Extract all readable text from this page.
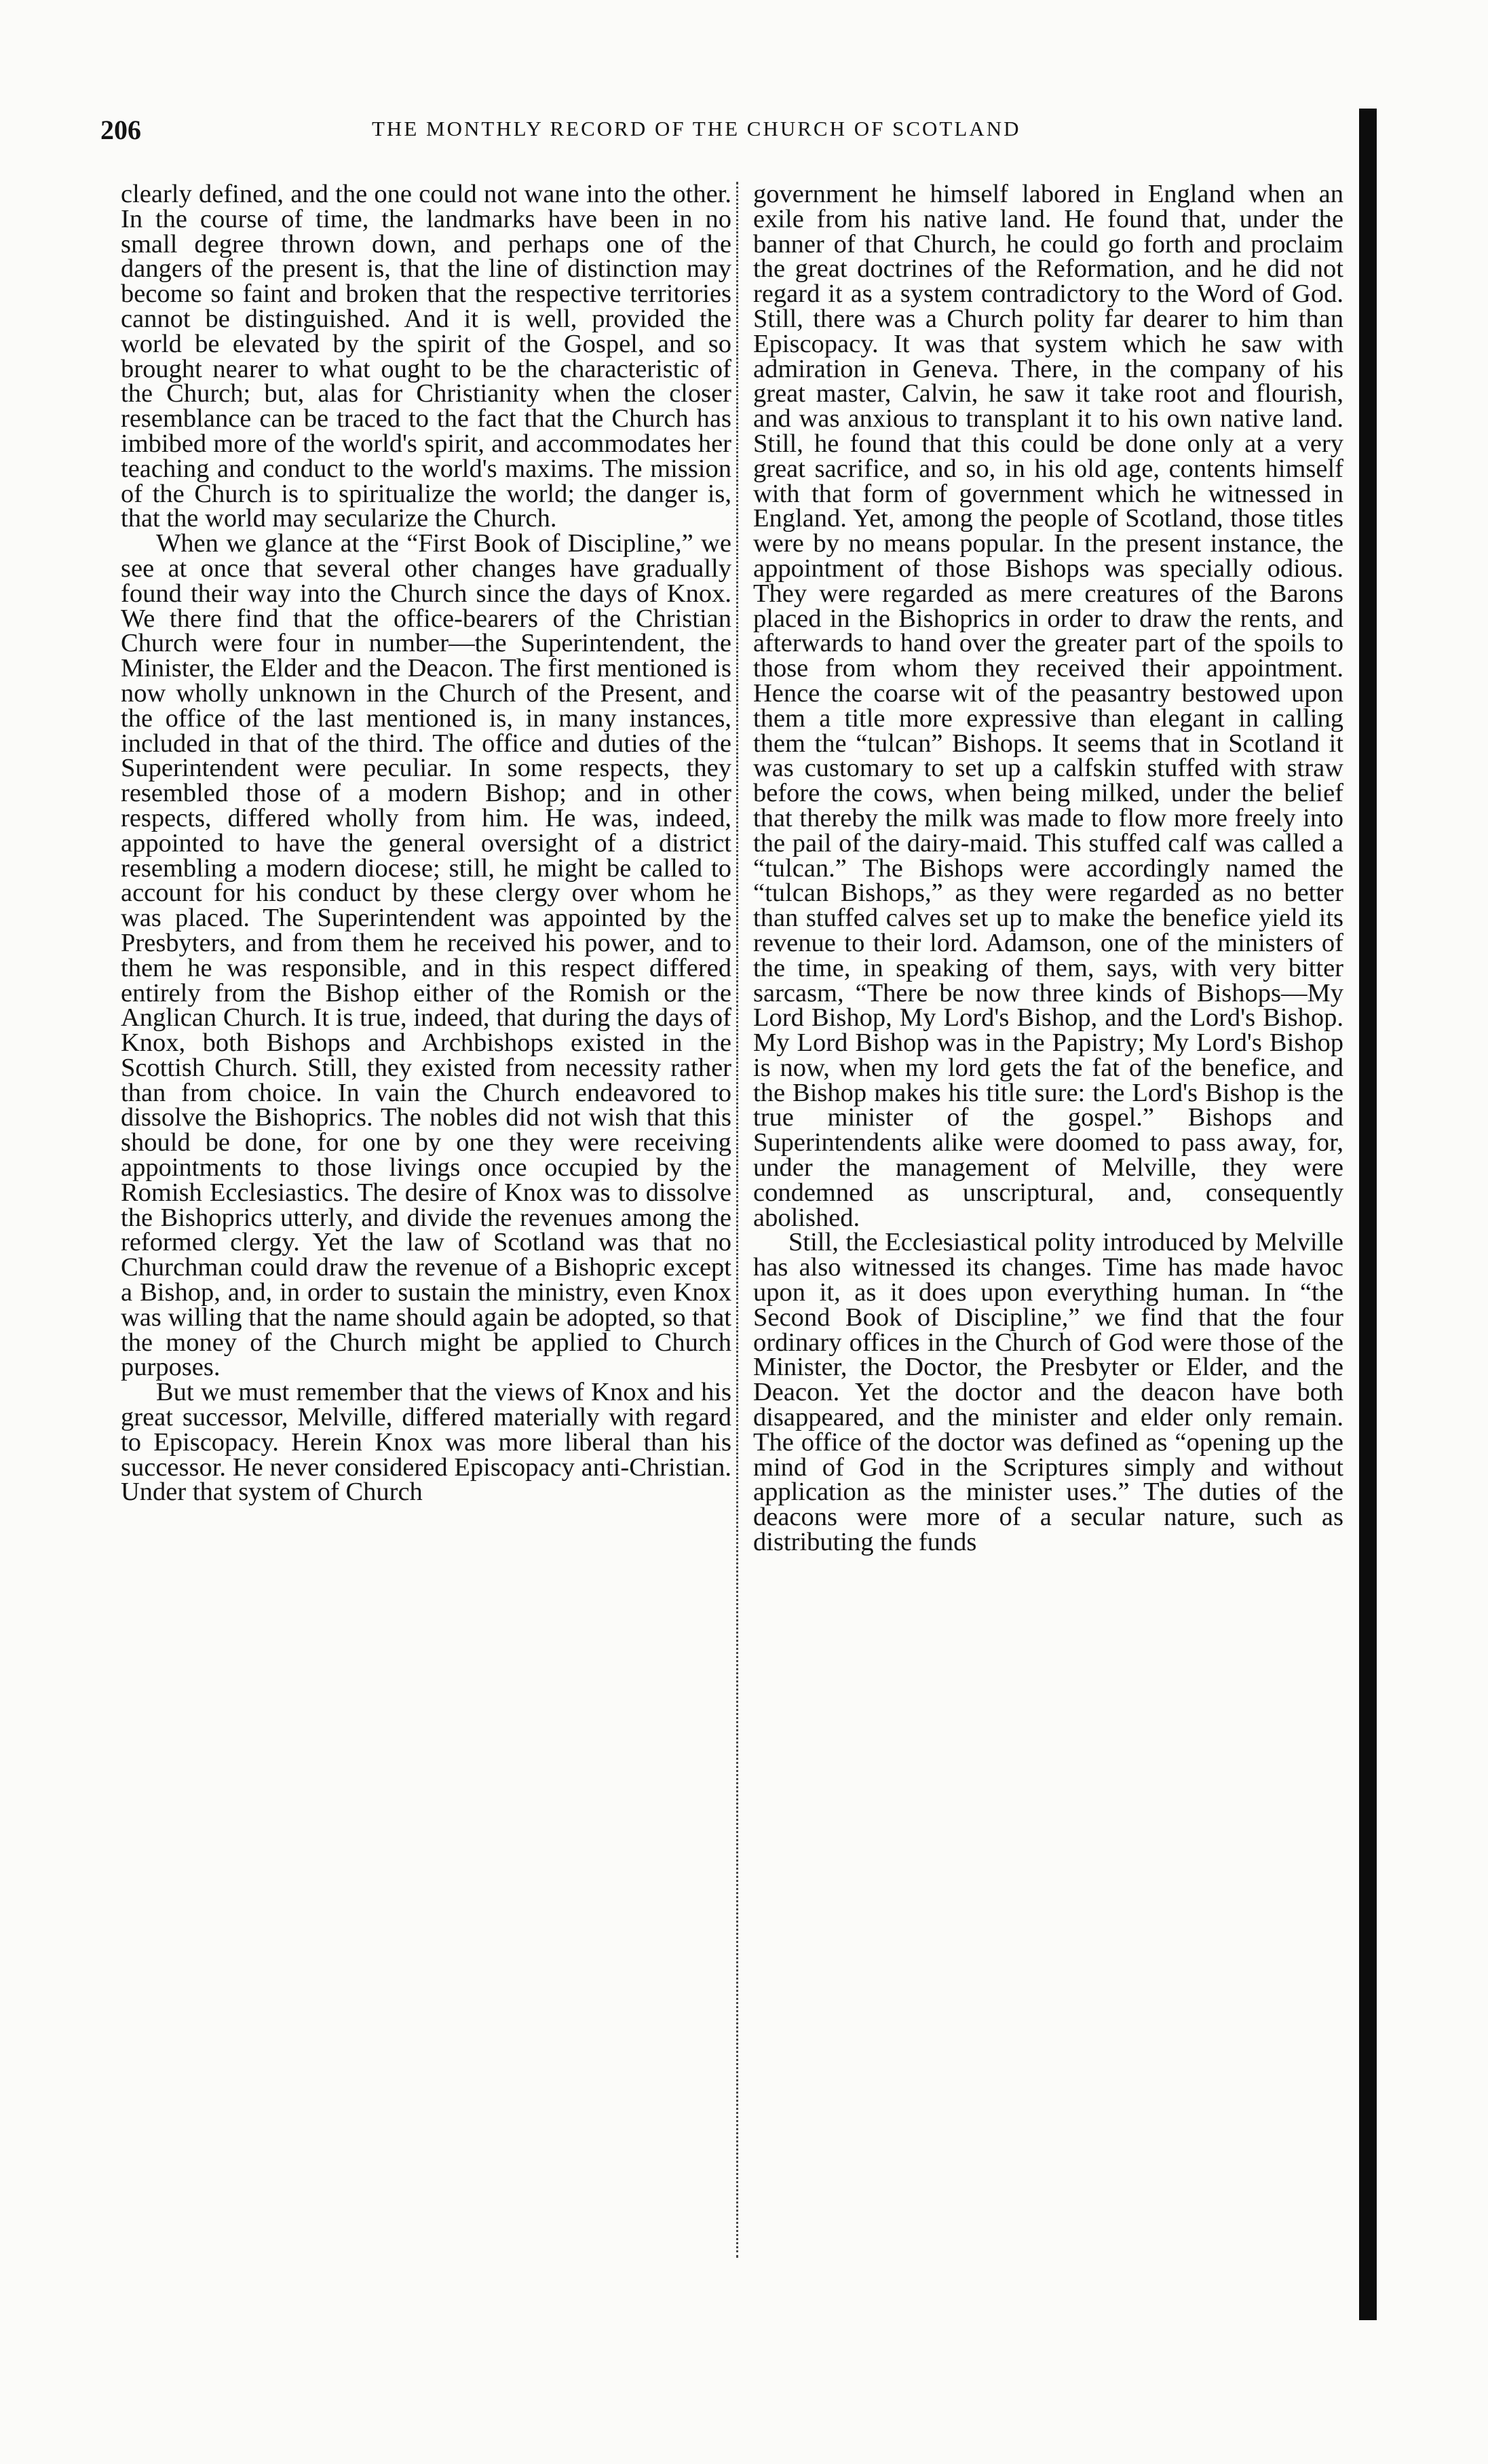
206	THE MONTHLY RECORD OF THE CHURCH OF SCOTLAND

clearly defined, and the one could not wane into the other. In the course of time, the landmarks have been in no small degree thrown down, and perhaps one of the dangers of the present is, that the line of distinction may become so faint and broken that the respective territories cannot be distinguished. And it is well, provided the world be elevated by the spirit of the Gospel, and so brought nearer to what ought to be the characteristic of the Church; but, alas for Christianity when the closer resemblance can be traced to the fact that the Church has imbibed more of the world's spirit, and accommodates her teaching and conduct to the world's maxims. The mission of the Church is to spiritualize the world; the danger is, that the world may secularize the Church.

When we glance at the “First Book of Discipline,” we see at once that several other changes have gradually found their way into the Church since the days of Knox. We there find that the office-bearers of the Christian Church were four in number—the Superintendent, the Minister, the Elder and the Deacon. The first mentioned is now wholly unknown in the Church of the Present, and the office of the last mentioned is, in many instances, included in that of the third. The office and duties of the Superintendent were peculiar. In some respects, they resembled those of a modern Bishop; and in other respects, differed wholly from him. He was, indeed, appointed to have the general oversight of a district resembling a modern diocese; still, he might be called to account for his conduct by these clergy over whom he was placed. The Superintendent was appointed by the Presbyters, and from them he received his power, and to them he was responsible, and in this respect differed entirely from the Bishop either of the Romish or the Anglican Church. It is true, indeed, that during the days of Knox, both Bishops and Archbishops existed in the Scottish Church. Still, they existed from necessity rather than from choice. In vain the Church endeavored to dissolve the Bishoprics. The nobles did not wish that this should be done, for one by one they were receiving appointments to those livings once occupied by the Romish Ecclesiastics. The desire of Knox was to dissolve the Bishoprics utterly, and divide the revenues among the reformed clergy. Yet the law of Scotland was that no Churchman could draw the revenue of a Bishopric except a Bishop, and, in order to sustain the ministry, even Knox was willing that the name should again be adopted, so that the money of the Church might be applied to Church purposes.

But we must remember that the views of Knox and his great successor, Melville, differed materially with regard to Episcopacy. Herein Knox was more liberal than his successor. He never considered Episcopacy anti-Christian. Under that system of Church

government he himself labored in England when an exile from his native land. He found that, under the banner of that Church, he could go forth and proclaim the great doctrines of the Reformation, and he did not regard it as a system contradictory to the Word of God. Still, there was a Church polity far dearer to him than Episcopacy. It was that system which he saw with admiration in Geneva. There, in the company of his great master, Calvin, he saw it take root and flourish, and was anxious to transplant it to his own native land. Still, he found that this could be done only at a very great sacrifice, and so, in his old age, contents himself with that form of government which he witnessed in England. Yet, among the people of Scotland, those titles were by no means popular. In the present instance, the appointment of those Bishops was specially odious. They were regarded as mere creatures of the Barons placed in the Bishoprics in order to draw the rents, and afterwards to hand over the greater part of the spoils to those from whom they received their appointment. Hence the coarse wit of the peasantry bestowed upon them a title more expressive than elegant in calling them the “tulcan” Bishops. It seems that in Scotland it was customary to set up a calfskin stuffed with straw before the cows, when being milked, under the belief that thereby the milk was made to flow more freely into the pail of the dairy-maid. This stuffed calf was called a “tulcan.” The Bishops were accordingly named the “tulcan Bishops,” as they were regarded as no better than stuffed calves set up to make the benefice yield its revenue to their lord. Adamson, one of the ministers of the time, in speaking of them, says, with very bitter sarcasm, “There be now three kinds of Bishops—My Lord Bishop, My Lord's Bishop, and the Lord's Bishop. My Lord Bishop was in the Papistry; My Lord's Bishop is now, when my lord gets the fat of the benefice, and the Bishop makes his title sure: the Lord's Bishop is the true minister of the gospel.” Bishops and Superintendents alike were doomed to pass away, for, under the management of Melville, they were condemned as unscriptural, and, consequently abolished.

Still, the Ecclesiastical polity introduced by Melville has also witnessed its changes. Time has made havoc upon it, as it does upon everything human. In “the Second Book of Discipline,” we find that the four ordinary offices in the Church of God were those of the Minister, the Doctor, the Presbyter or Elder, and the Deacon. Yet the doctor and the deacon have both disappeared, and the minister and elder only remain. The office of the doctor was defined as “opening up the mind of God in the Scriptures simply and without application as the minister uses.” The duties of the deacons were more of a secular nature, such as distributing the funds
